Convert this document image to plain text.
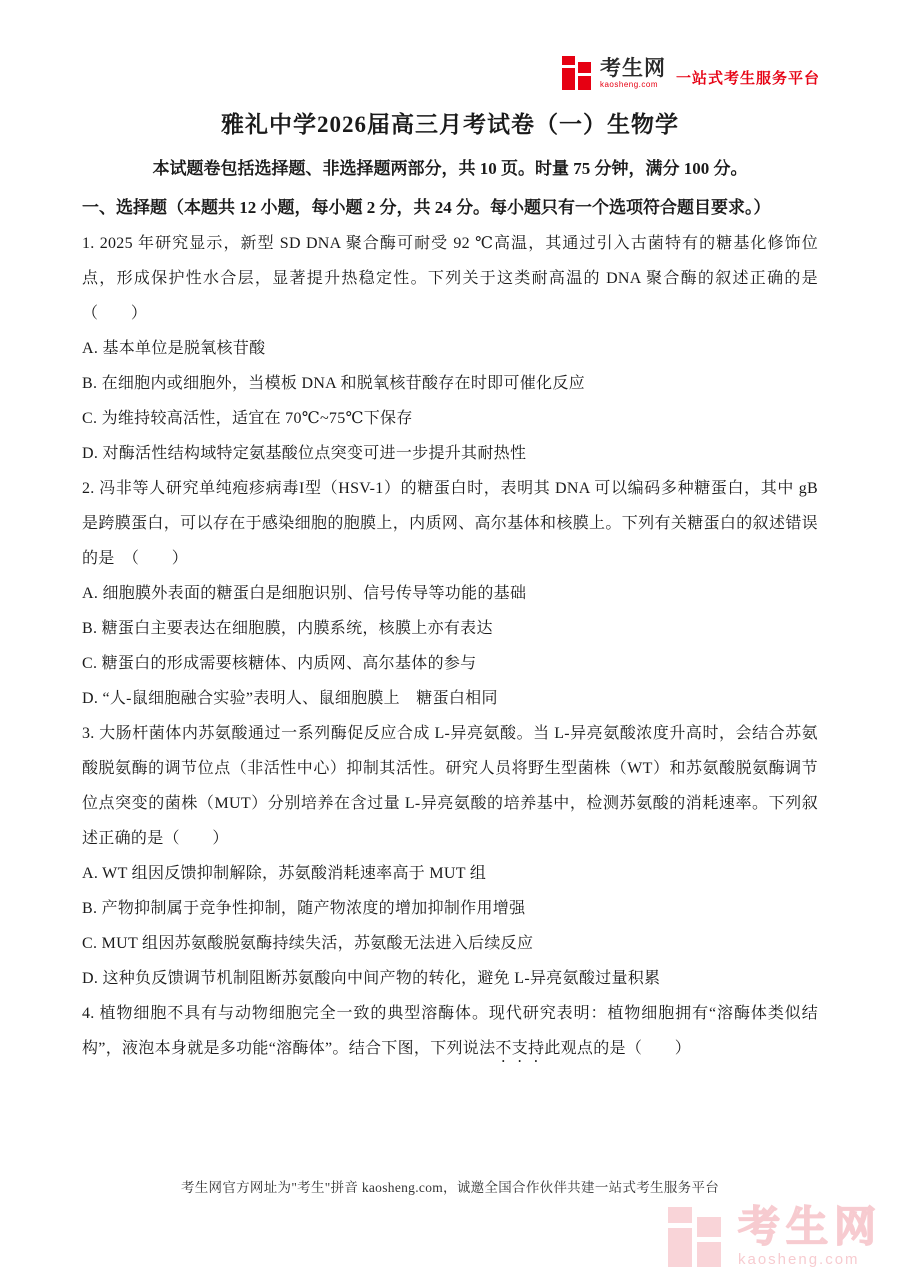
考生网
kaosheng.com	一站式考生服务平台
雅礼中学2026届高三月考试卷（一）生物学

本试题卷包括选择题、非选择题两部分，共 10 页。时量 75 分钟，满分 100 分。

一、选择题（本题共 12 小题，每小题 2 分，共 24 分。每小题只有一个选项符合题目要求。）

1. 2025 年研究显示，新型 SD DNA 聚合酶可耐受 92 ℃高温，其通过引入古菌特有的糖基化修饰位点，形成保护性水合层，显著提升热稳定性。下列关于这类耐高温的 DNA 聚合酶的叙述正确的是（　　）

A. 基本单位是脱氧核苷酸

B. 在细胞内或细胞外，当模板 DNA 和脱氧核苷酸存在时即可催化反应

C. 为维持较高活性，适宜在 70℃~75℃下保存

D. 对酶活性结构域特定氨基酸位点突变可进一步提升其耐热性

2. 冯非等人研究单纯疱疹病毒I型（HSV-1）的糖蛋白时，表明其 DNA 可以编码多种糖蛋白，其中 gB 是跨膜蛋白，可以存在于感染细胞的胞膜上，内质网、高尔基体和核膜上。下列有关糖蛋白的叙述错误的是　（　　）

A. 细胞膜外表面的糖蛋白是细胞识别、信号传导等功能的基础

B. 糖蛋白主要表达在细胞膜，内膜系统，核膜上亦有表达

C. 糖蛋白的形成需要核糖体、内质网、高尔基体的参与

D. “人-鼠细胞融合实验”表明人、鼠细胞膜上　糖蛋白相同

3. 大肠杆菌体内苏氨酸通过一系列酶促反应合成 L-异亮氨酸。当 L-异亮氨酸浓度升高时，会结合苏氨酸脱氨酶的调节位点（非活性中心）抑制其活性。研究人员将野生型菌株（WT）和苏氨酸脱氨酶调节位点突变的菌株（MUT）分别培养在含过量 L-异亮氨酸的培养基中，检测苏氨酸的消耗速率。下列叙述正确的是（　　）

A. WT 组因反馈抑制解除，苏氨酸消耗速率高于 MUT 组

B. 产物抑制属于竞争性抑制，随产物浓度的增加抑制作用增强

C. MUT 组因苏氨酸脱氨酶持续失活，苏氨酸无法进入后续反应

D. 这种负反馈调节机制阻断苏氨酸向中间产物的转化，避免 L-异亮氨酸过量积累

4. 植物细胞不具有与动物细胞完全一致的典型溶酶体。现代研究表明：植物细胞拥有“溶酶体类似结构”，液泡本身就是多功能“溶酶体”。结合下图，下列说法不支持此观点的是（　　）

考生网官方网址为"考生"拼音 kaosheng.com，诚邀全国合作伙伴共建一站式考生服务平台

考生网
kaosheng.com
